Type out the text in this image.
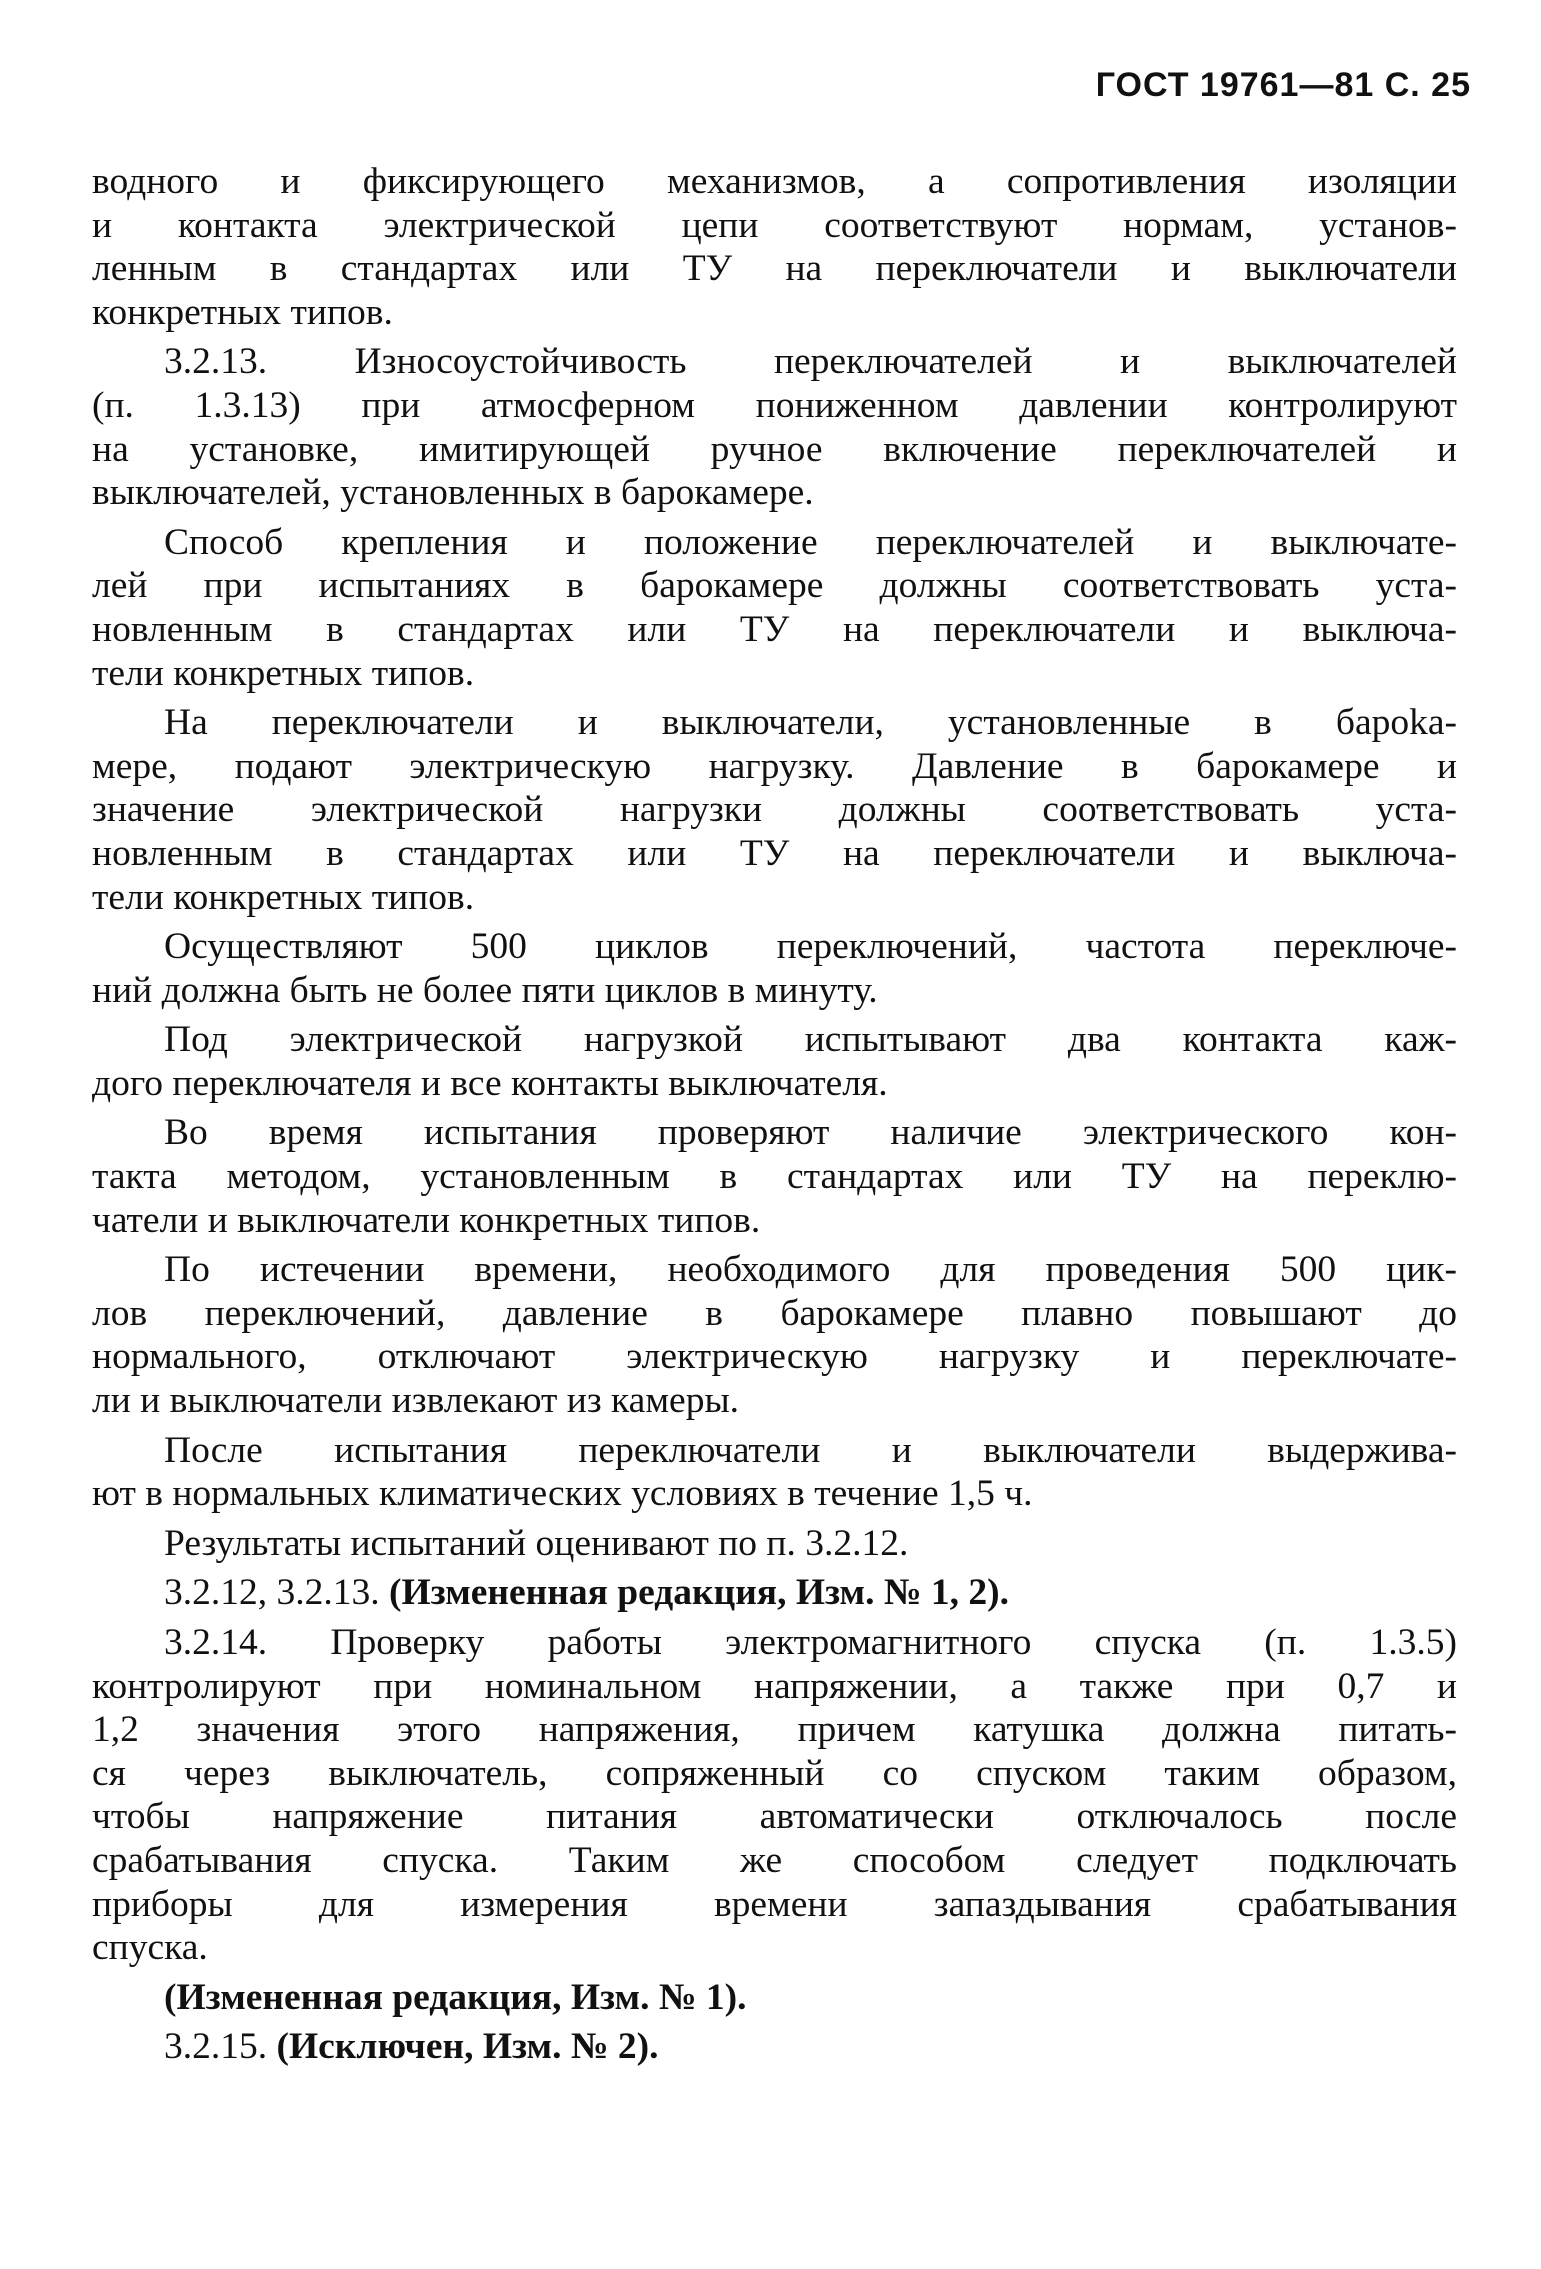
ГОСТ 19761—81 С. 25
водного и фиксирующего механизмов, а сопротивления изоляции
и контакта электрической цепи соответствуют нормам, установ-
ленным в стандартах или ТУ на переключатели и выключатели
конкретных типов.
3.2.13. Износоустойчивость переключателей и выключателей
(п. 1.3.13) при атмосферном пониженном давлении контролируют
на установке, имитирующей ручное включение переключателей и
выключателей, установленных в барокамере.
Способ крепления и положение переключателей и выключате-
лей при испытаниях в барокамере должны соответствовать уста-
новленным в стандартах или ТУ на переключатели и выключа-
тели конкретных типов.
На переключатели и выключатели, установленные в бароka-
мере, подают электрическую нагрузку. Давление в барокамере и
значение электрической нагрузки должны соответствовать уста-
новленным в стандартах или ТУ на переключатели и выключа-
тели конкретных типов.
Осуществляют 500 циклов переключений, частота переключе-
ний должна быть не более пяти циклов в минуту.
Под электрической нагрузкой испытывают два контакта каж-
дого переключателя и все контакты выключателя.
Во время испытания проверяют наличие электрического кон-
такта методом, установленным в стандартах или ТУ на переклю-
чатели и выключатели конкретных типов.
По истечении времени, необходимого для проведения 500 цик-
лов переключений, давление в барокамере плавно повышают до
нормального, отключают электрическую нагрузку и переключате-
ли и выключатели извлекают из камеры.
После испытания переключатели и выключатели выдержива-
ют в нормальных климатических условиях в течение 1,5 ч.
Результаты испытаний оценивают по п. 3.2.12.
3.2.12, 3.2.13. (Измененная редакция, Изм. № 1, 2).
3.2.14. Проверку работы электромагнитного спуска (п. 1.3.5)
контролируют при номинальном напряжении, а также при 0,7 и
1,2 значения этого напряжения, причем катушка должна питать-
ся через выключатель, сопряженный со спуском таким образом,
чтобы напряжение питания автоматически отключалось после
срабатывания спуска. Таким же способом следует подключать
приборы для измерения времени запаздывания срабатывания
спуска.
(Измененная редакция, Изм. № 1).
3.2.15. (Исключен, Изм. № 2).
